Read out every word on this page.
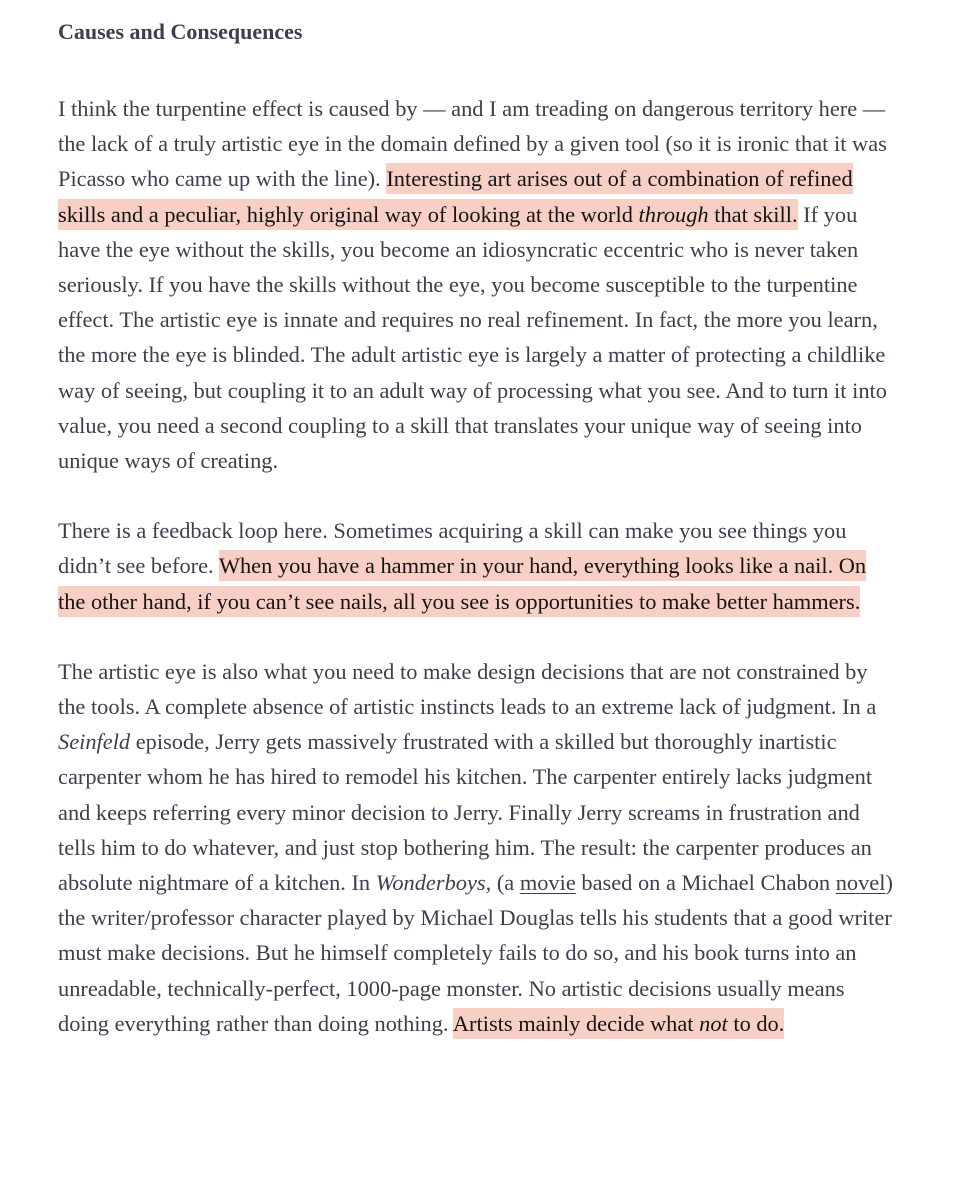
Causes and Consequences

I think the turpentine effect is caused by — and I am treading on dangerous territory here — the lack of a truly artistic eye in the domain defined by a given tool (so it is ironic that it was Picasso who came up with the line). Interesting art arises out of a combination of refined skills and a peculiar, highly original way of looking at the world through that skill. If you have the eye without the skills, you become an idiosyncratic eccentric who is never taken seriously. If you have the skills without the eye, you become susceptible to the turpentine effect. The artistic eye is innate and requires no real refinement. In fact, the more you learn, the more the eye is blinded. The adult artistic eye is largely a matter of protecting a childlike way of seeing, but coupling it to an adult way of processing what you see. And to turn it into value, you need a second coupling to a skill that translates your unique way of seeing into unique ways of creating.

There is a feedback loop here. Sometimes acquiring a skill can make you see things you didn’t see before. When you have a hammer in your hand, everything looks like a nail. On the other hand, if you can’t see nails, all you see is opportunities to make better hammers.

The artistic eye is also what you need to make design decisions that are not constrained by the tools. A complete absence of artistic instincts leads to an extreme lack of judgment. In a Seinfeld episode, Jerry gets massively frustrated with a skilled but thoroughly inartistic carpenter whom he has hired to remodel his kitchen. The carpenter entirely lacks judgment and keeps referring every minor decision to Jerry. Finally Jerry screams in frustration and tells him to do whatever, and just stop bothering him. The result: the carpenter produces an absolute nightmare of a kitchen. In Wonderboys, (a movie based on a Michael Chabon novel) the writer/professor character played by Michael Douglas tells his students that a good writer must make decisions. But he himself completely fails to do so, and his book turns into an unreadable, technically-perfect, 1000-page monster. No artistic decisions usually means doing everything rather than doing nothing. Artists mainly decide what not to do.
